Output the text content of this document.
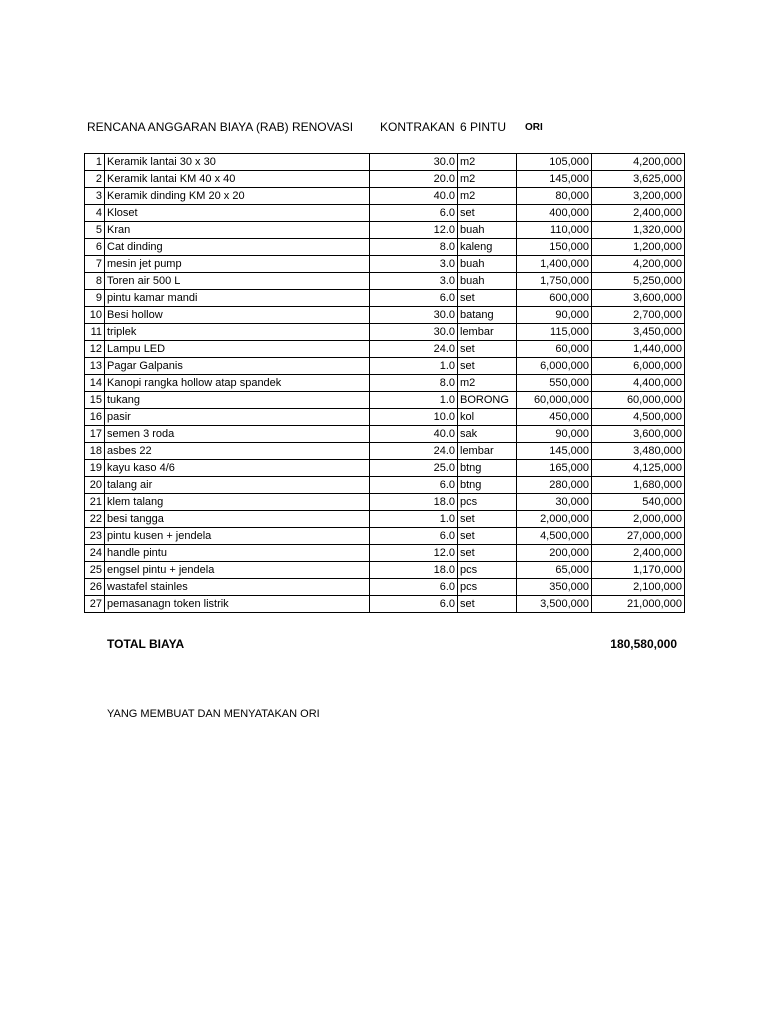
RENCANA ANGGARAN BIAYA (RAB) RENOVASI KONTRAKAN 6 PINTU ORI
1	Keramik lantai 30 x 30	30.0	m2	105,000	4,200,000
2	Keramik lantai KM 40 x 40	20.0	m2	145,000	3,625,000
3	Keramik dinding KM 20 x 20	40.0	m2	80,000	3,200,000
4	Kloset	6.0	set	400,000	2,400,000
5	Kran	12.0	buah	110,000	1,320,000
6	Cat dinding	8.0	kaleng	150,000	1,200,000
7	mesin jet pump	3.0	buah	1,400,000	4,200,000
8	Toren air 500 L	3.0	buah	1,750,000	5,250,000
9	pintu kamar mandi	6.0	set	600,000	3,600,000
10	Besi hollow	30.0	batang	90,000	2,700,000
11	triplek	30.0	lembar	115,000	3,450,000
12	Lampu LED	24.0	set	60,000	1,440,000
13	Pagar Galpanis	1.0	set	6,000,000	6,000,000
14	Kanopi rangka hollow atap spandek	8.0	m2	550,000	4,400,000
15	tukang	1.0	BORONG	60,000,000	60,000,000
16	pasir	10.0	kol	450,000	4,500,000
17	semen 3 roda	40.0	sak	90,000	3,600,000
18	asbes 22	24.0	lembar	145,000	3,480,000
19	kayu kaso 4/6	25.0	btng	165,000	4,125,000
20	talang air	6.0	btng	280,000	1,680,000
21	klem talang	18.0	pcs	30,000	540,000
22	besi tangga	1.0	set	2,000,000	2,000,000
23	pintu kusen + jendela	6.0	set	4,500,000	27,000,000
24	handle pintu	12.0	set	200,000	2,400,000
25	engsel pintu + jendela	18.0	pcs	65,000	1,170,000
26	wastafel stainles	6.0	pcs	350,000	2,100,000
27	pemasanagn token listrik	6.0	set	3,500,000	21,000,000
TOTAL BIAYA	180,580,000
YANG MEMBUAT DAN MENYATAKAN ORI
